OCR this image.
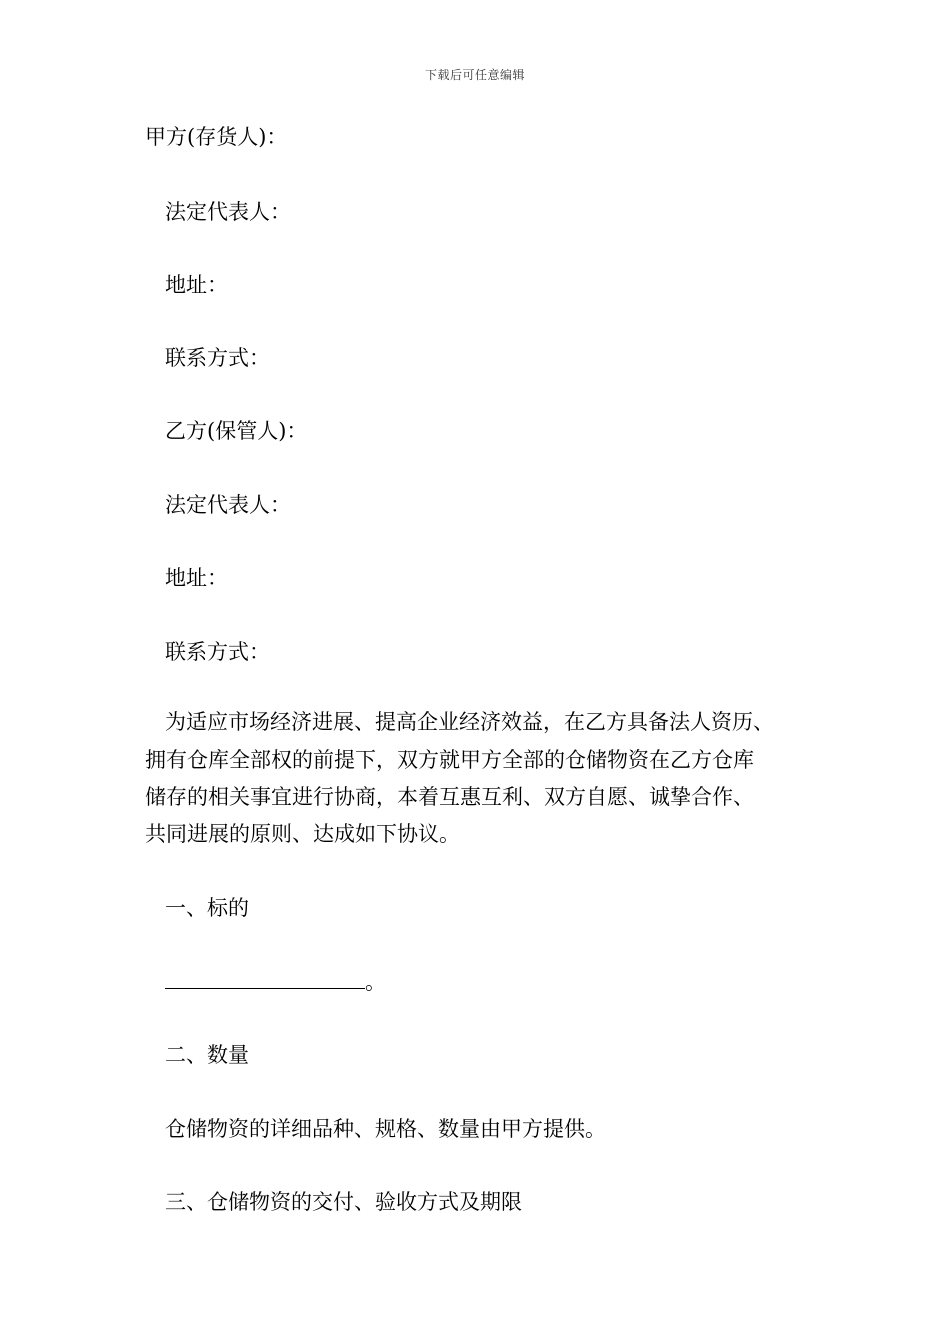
下载后可任意编辑
甲方(存货人)：
法定代表人：
地址：
联系方式：
乙方(保管人)：
法定代表人：
地址：
联系方式：
为适应市场经济进展、提高企业经济效益，在乙方具备法人资历、
拥有仓库全部权的前提下，双方就甲方全部的仓储物资在乙方仓库
储存的相关事宜进行协商，本着互惠互利、双方自愿、诚挚合作、
共同进展的原则、达成如下协议。
一、标的
。
二、数量
仓储物资的详细品种、规格、数量由甲方提供。
三、仓储物资的交付、验收方式及期限
